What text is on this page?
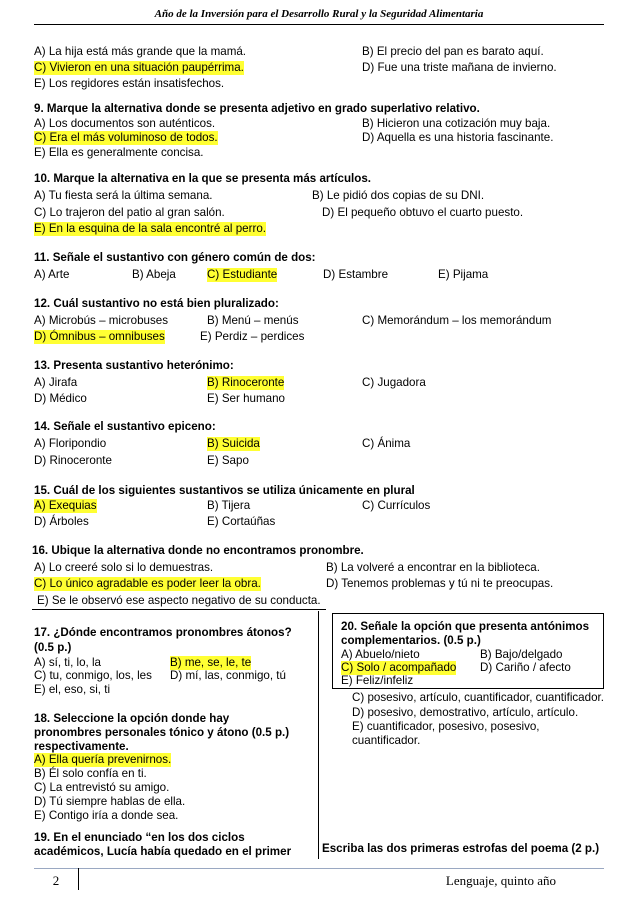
Año de la Inversión para el Desarrollo Rural y la Seguridad Alimentaria
A) La hija está más grande que la mamá.	B) El precio del pan es barato aquí.
C) Vivieron en una situación paupérrima.	D) Fue una triste mañana de invierno.
E) Los regidores están insatisfechos.
9. Marque la alternativa donde se presenta adjetivo en grado superlativo relativo.
A) Los documentos son auténticos.	B) Hicieron una cotización muy baja.
C) Era el más voluminoso de todos.	D) Aquella es una historia fascinante.
E) Ella es generalmente concisa.
10. Marque la alternativa en la que se presenta más artículos.
A) Tu fiesta será la última semana.	B) Le pidió dos copias de su DNI.
C) Lo trajeron del patio al gran salón.	D) El pequeño obtuvo el cuarto puesto.
E) En la esquina de la sala encontré al perro.
11. Señale el sustantivo con género común de dos:
A) Arte	B) Abeja	C) Estudiante	D) Estambre	E) Pijama
12. Cuál sustantivo no está bien pluralizado:
A) Microbús – microbuses	B) Menú – menús	C) Memorándum – los memorándum
D) Ómnibus – omnibuses	E) Perdiz – perdices
13. Presenta sustantivo heterónimo:
A) Jirafa	B) Rinoceronte	C) Jugadora
D) Médico	E) Ser humano
14. Señale el sustantivo epiceno:
A) Floripondio	B) Suicida	C) Ánima
D) Rinoceronte	E) Sapo
15. Cuál de los siguientes sustantivos se utiliza únicamente en plural
A) Exequias	B) Tijera	C) Currículos
D) Árboles	E) Cortaúñas
16. Ubique la alternativa donde no encontramos pronombre.
A) Lo creeré solo si lo demuestras.	B) La volveré a encontrar en la biblioteca.
C) Lo único agradable es poder leer la obra.	D) Tenemos problemas y tú ni te preocupas.
E) Se le observó ese aspecto negativo de su conducta.
17. ¿Dónde encontramos pronombres átonos?
(0.5 p.)
A) sí, ti, lo, la	B) me, se, le, te
C) tu, conmigo, los, les D) mí, las, conmigo, tú
E) el, eso, si, ti
18. Seleccione la opción donde hay
pronombres personales tónico y átono (0.5 p.)
respectivamente.
A) Ella quería prevenirnos.
B) Él solo confía en ti.
C) La entrevistó su amigo.
D) Tú siempre hablas de ella.
E) Contigo iría a donde sea.
19. En el enunciado “en los dos ciclos
académicos, Lucía había quedado en el primer
C) posesivo, artículo, cuantificador, cuantificador.
D) posesivo, demostrativo, artículo, artículo.
E) cuantificador, posesivo, posesivo,
cuantificador.
20. Señale la opción que presenta antónimos
complementarios. (0.5 p.)
A) Abuelo/nieto	B) Bajo/delgado
C) Solo / acompañado D) Cariño / afecto
E) Feliz/infeliz
Escriba las dos primeras estrofas del poema (2 p.)
2	Lenguaje, quinto año
